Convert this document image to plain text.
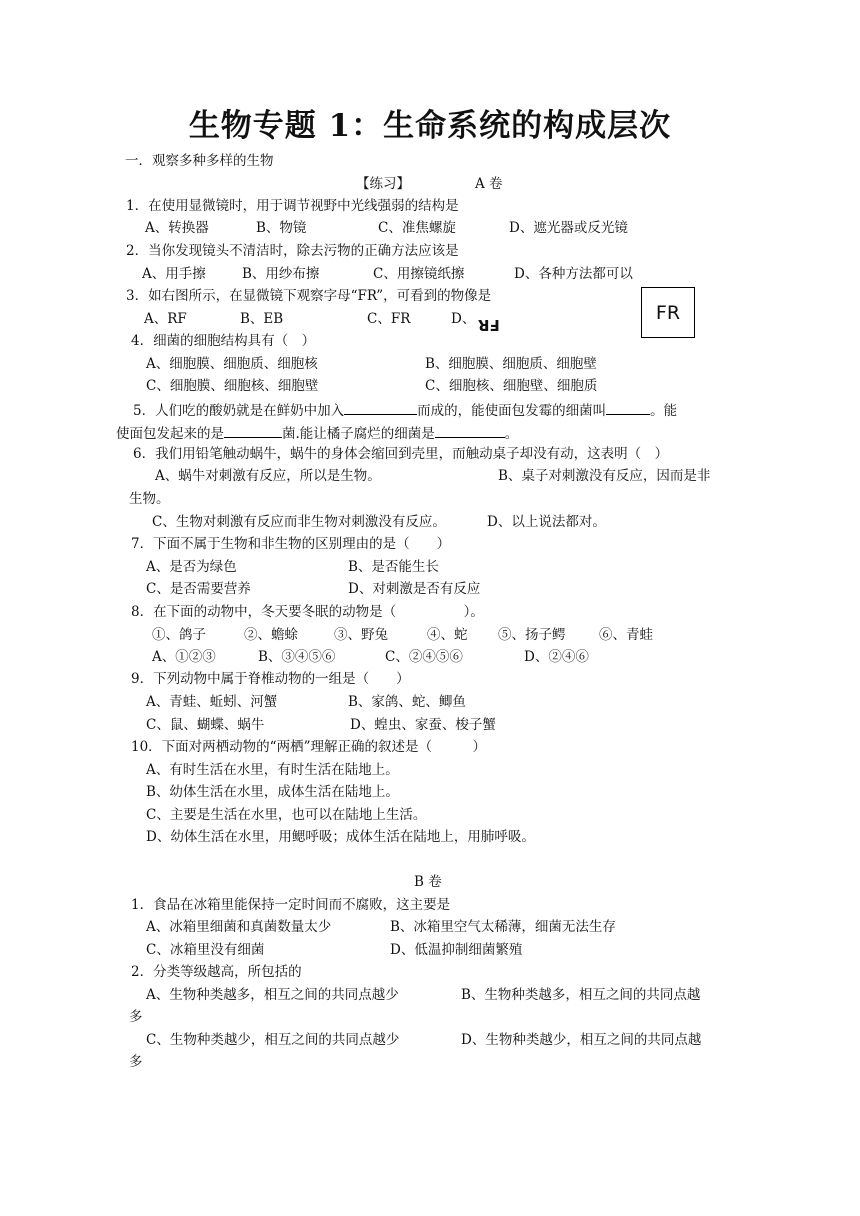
生物专题 1：生命系统的构成层次
一．观察多种多样的生物
【练习】	A 卷
1．在使用显微镜时，用于调节视野中光线强弱的结构是
A、转换器	B、物镜	C、准焦螺旋	D、遮光器或反光镜
2．当你发现镜头不清洁时，除去污物的正确方法应该是
A、用手擦	B、用纱布擦	C、用擦镜纸擦	D、各种方法都可以
3．如右图所示，在显微镜下观察字母“FR”，可看到的物像是
A、RF	B、EB	C、FR	D、 FR
FR
4．细菌的细胞结构具有（　）
A、细胞膜、细胞质、细胞核	B、细胞膜、细胞质、细胞壁
C、细胞膜、细胞核、细胞壁	C、细胞核、细胞壁、细胞质
5．人们吃的酸奶就是在鲜奶中加入	而成的，能使面包发霉的细菌叫	。能
使面包发起来的是	菌.能让橘子腐烂的细菌是	。
6．我们用铅笔触动蜗牛，蜗牛的身体会缩回到壳里，而触动桌子却没有动，这表明（　）
A、蜗牛对刺激有反应，所以是生物。	B、桌子对刺激没有反应，因而是非
生物。
C、生物对刺激有反应而非生物对刺激没有反应。	D、以上说法都对。
7．下面不属于生物和非生物的区别理由的是（　　）
A、是否为绿色	B、是否能生长
C、是否需要营养	D、对刺激是否有反应
8．在下面的动物中，冬天要冬眠的动物是（　　　　　）。
①、鸽子	②、蟾蜍	③、野兔	④、蛇 ⑤、扬子鳄 ⑥、青蛙
A、①②③	B、③④⑤⑥	C、②④⑤⑥	D、②④⑥
9．下列动物中属于脊椎动物的一组是（　　）
A、青蛙、蚯蚓、河蟹	B、家鸽、蛇、鲫鱼
C、鼠、蝴蝶、蜗牛	D、蝗虫、家蚕、梭子蟹
10．下面对两栖动物的“两栖”理解正确的叙述是（　　　）
A、有时生活在水里，有时生活在陆地上。
B、幼体生活在水里，成体生活在陆地上。
C、主要是生活在水里，也可以在陆地上生活。
D、幼体生活在水里，用鳃呼吸；成体生活在陆地上，用肺呼吸。
B 卷
1．食品在冰箱里能保持一定时间而不腐败，这主要是
A、冰箱里细菌和真菌数量太少	B、冰箱里空气太稀薄，细菌无法生存
C、冰箱里没有细菌	D、低温抑制细菌繁殖
2．分类等级越高，所包括的
A、生物种类越多，相互之间的共同点越少	B、生物种类越多，相互之间的共同点越
多
C、生物种类越少，相互之间的共同点越少	D、生物种类越少，相互之间的共同点越
多
